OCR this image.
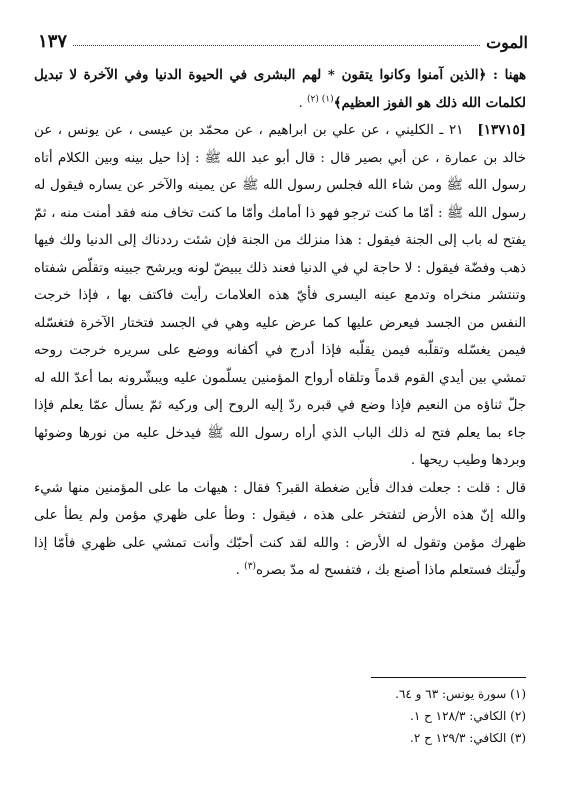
الموت
١٣٧

ههنا : ﴿الذين آمنوا وكانوا يتقون * لهم البشرى في الحيوة الدنيا وفي الآخرة لا تبديل لكلمات الله ذلك هو الفوز العظيم﴾$^{(١) (٢)}$ .

[١٣٧١٥]
٢١ ـ الكليني ، عن علي بن ابراهيم ، عن محمّد بن عيسى ، عن يونس ، عن خالد بن عمارة ، عن أبي بصير قال : قال أبو عبد الله ﷺ : إذا حيل بينه وبين الكلام أتاه رسول الله ﷺ ومن شاء الله فجلس رسول الله ﷺ عن يمينه والآخر عن يساره فيقول له رسول الله ﷺ : أمّا ما كنت ترجو فهو ذا أمامك وأمّا ما كنت تخاف منه فقد أمنت منه ، ثمّ يفتح له باب إلى الجنة فيقول : هذا منزلك من الجنة فإن شئت رددناك إلى الدنيا ولك فيها ذهب وفضّة فيقول : لا حاجة لي في الدنيا فعند ذلك يبيضّ لونه ويرشح جبينه وتقلّص شفتاه وتنتشر منخراه وتدمع عينه اليسرى فأيّ هذه العلامات رأيت فاكتف بها ، فإذا خرجت النفس من الجسد فيعرض عليها كما عرض عليه وهي في الجسد فتختار الآخرة فتغسّله فيمن يغسّله وتقلّبه فيمن يقلّبه فإذا أدرج في أكفانه ووضع على سريره خرجت روحه تمشي بين أيدي القوم قدماً وتلقاه أرواح المؤمنين يسلّمون عليه ويبشّرونه بما أعدّ الله له جلّ ثناؤه من النعيم فإذا وضع في قبره ردّ إليه الروح إلى وركيه ثمّ يسأل عمّا يعلم فإذا جاء بما يعلم فتح له ذلك الباب الذي أراه رسول الله ﷺ فيدخل عليه من نورها وضوئها وبردها وطيب ريحها .

قال : قلت : جعلت فداك فأين ضغطة القبر؟ فقال : هيهات ما على المؤمنين منها شيء والله إنّ هذه الأرض لتفتخر على هذه ، فيقول : وطأ على ظهري مؤمن ولم يطأ على ظهرك مؤمن وتقول له الأرض : والله لقد كنت أحبّك وأنت تمشي على ظهري فأمّا إذا ولّيتك فستعلم ماذا أصنع بك ، فتفسح له مدّ بصره$^{(٣)}$ .

(١) سورة يونس: ٦٣ و ٦٤.
(٢) الكافي: ١٢٨/٣ ح ١.
(٣) الكافي: ١٢٩/٣ ح ٢.
